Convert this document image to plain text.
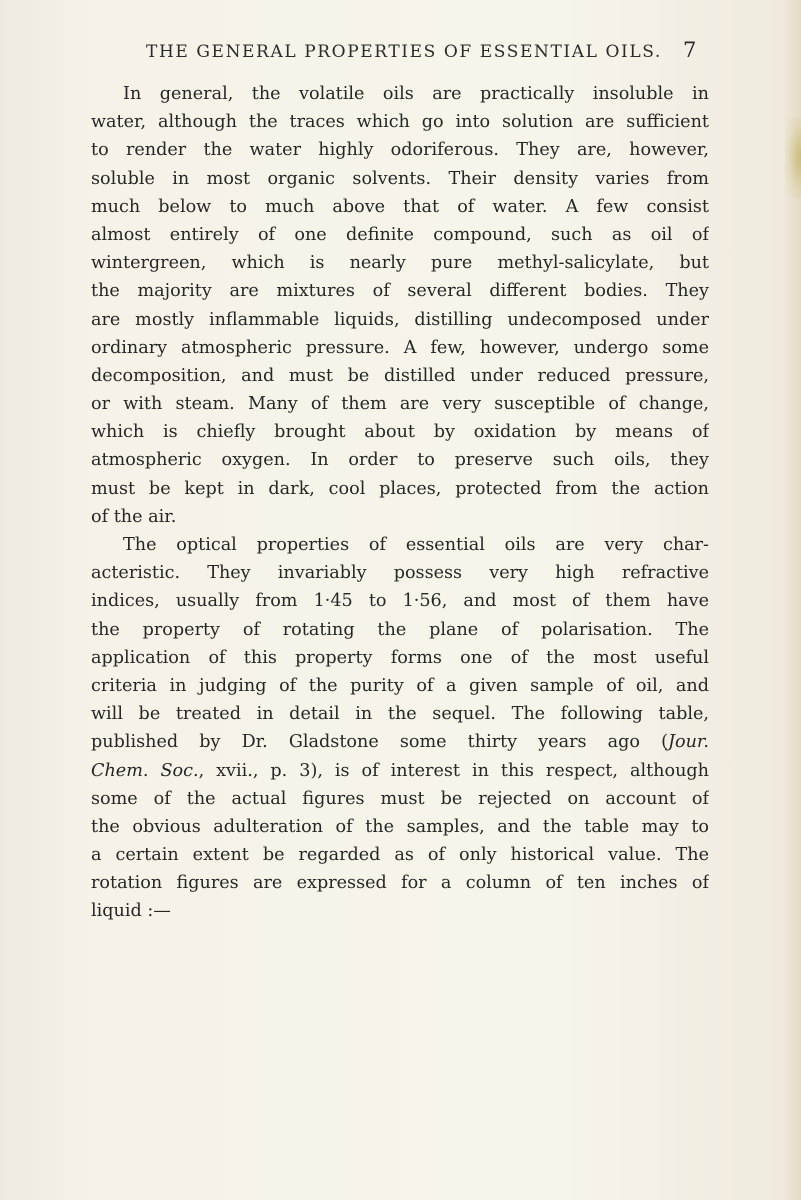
THE GENERAL PROPERTIES OF ESSENTIAL OILS.	7
In general, the volatile oils are practically insoluble in
water, although the traces which go into solution are sufficient
to render the water highly odoriferous. They are, however,
soluble in most organic solvents. Their density varies from
much below to much above that of water. A few consist
almost entirely of one definite compound, such as oil of
wintergreen, which is nearly pure methyl-salicylate, but
the majority are mixtures of several different bodies. They
are mostly inflammable liquids, distilling undecomposed under
ordinary atmospheric pressure. A few, however, undergo some
decomposition, and must be distilled under reduced pressure,
or with steam. Many of them are very susceptible of change,
which is chiefly brought about by oxidation by means of
atmospheric oxygen. In order to preserve such oils, they
must be kept in dark, cool places, protected from the action
of the air.
The optical properties of essential oils are very char-
acteristic. They invariably possess very high refractive
indices, usually from 1·45 to 1·56, and most of them have
the property of rotating the plane of polarisation. The
application of this property forms one of the most useful
criteria in judging of the purity of a given sample of oil, and
will be treated in detail in the sequel. The following table,
published by Dr. Gladstone some thirty years ago (Jour.
Chem. Soc., xvii., p. 3), is of interest in this respect, although
some of the actual figures must be rejected on account of
the obvious adulteration of the samples, and the table may to
a certain extent be regarded as of only historical value. The
rotation figures are expressed for a column of ten inches of
liquid :—
